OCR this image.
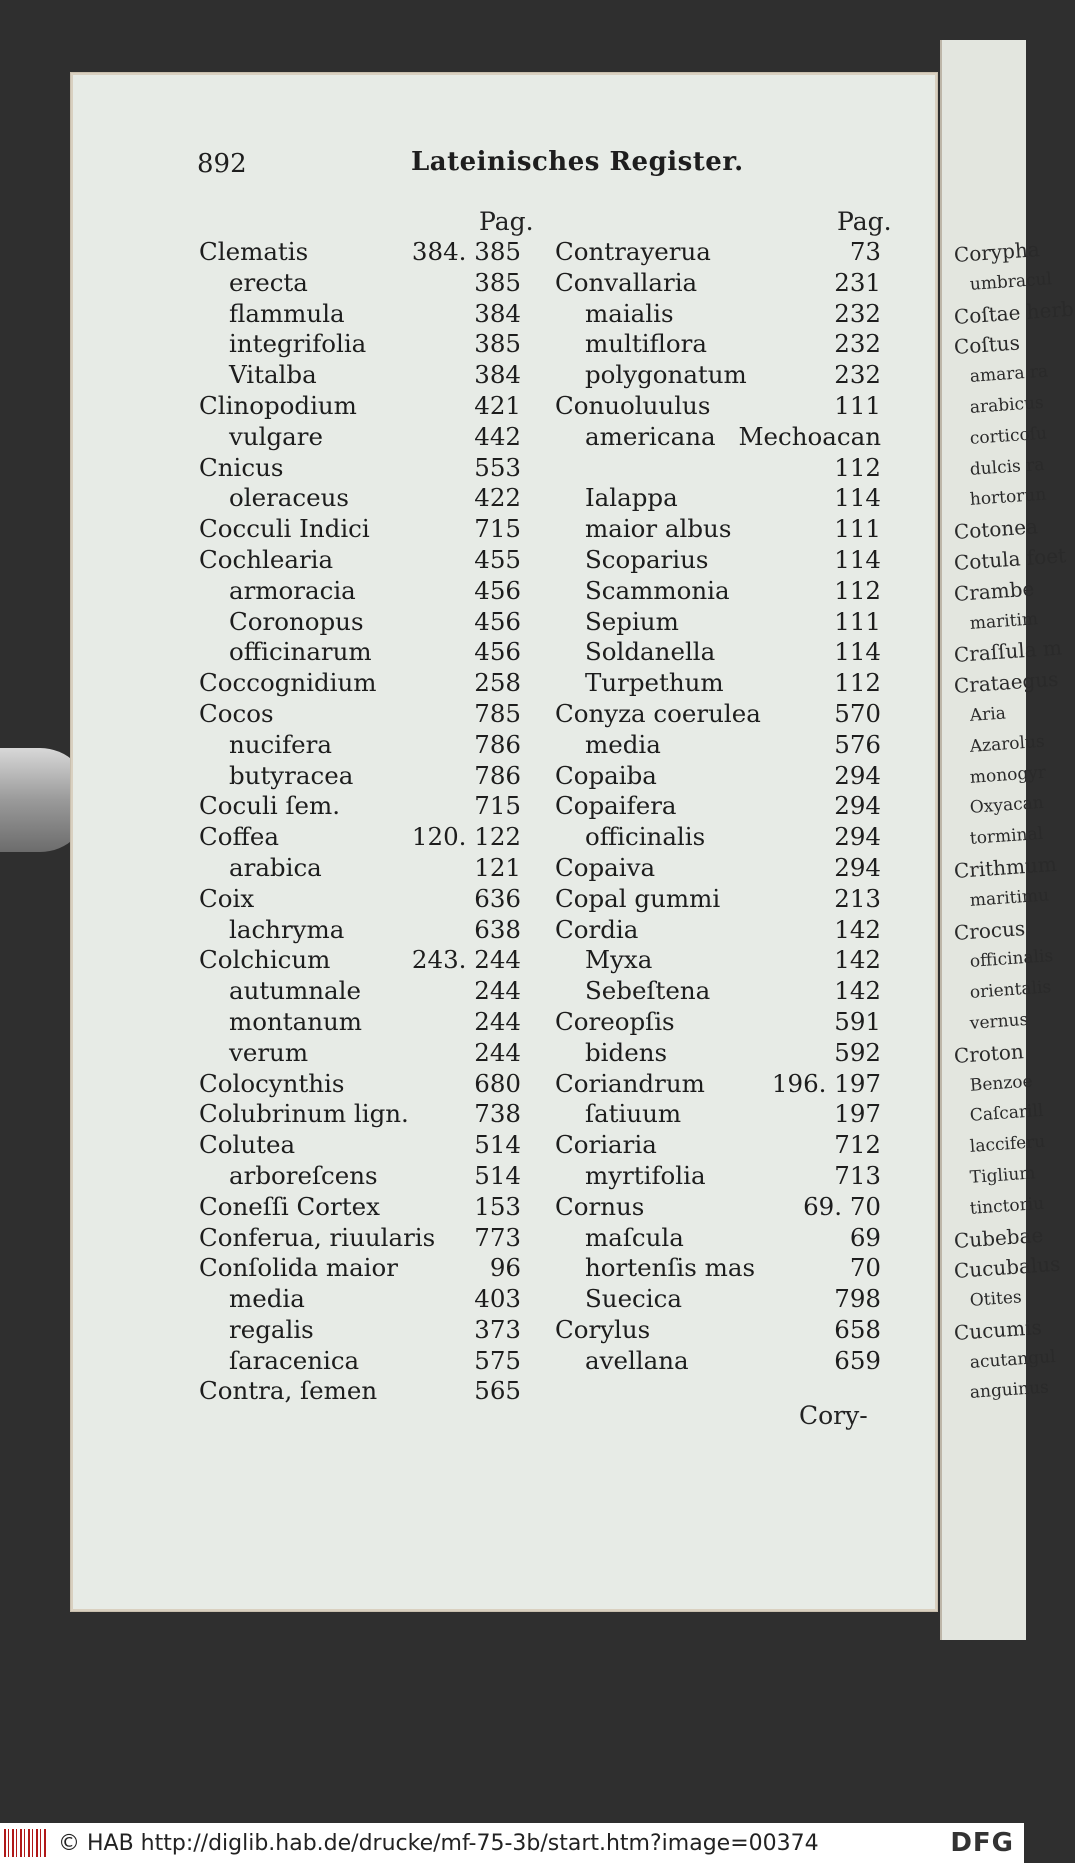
892	Lateinisches Register.
Pag.	Pag.
Clematis	384. 385
erecta	385
flammula	384
integrifolia	385
Vitalba	384
Clinopodium	421
vulgare	442
Cnicus	553
oleraceus	422
Cocculi Indici	715
Cochlearia	455
armoracia	456
Coronopus	456
officinarum	456
Coccognidium	258
Cocos	785
nucifera	786
butyracea	786
Coculi ſem.	715
Coffea	120. 122
arabica	121
Coix	636
lachryma	638
Colchicum	243. 244
autumnale	244
montanum	244
verum	244
Colocynthis	680
Colubrinum lign.	738
Colutea	514
arboreſcens	514
Coneſſi Cortex	153
Conferua, riuularis 773
Conſolida maior	96
media	403
regalis	373
ſaracenica	575
Contra, ſemen	565
Contrayerua	73
Convallaria	231
maialis	232
multiflora	232
polygonatum	232
Conuoluulus	111
americana Mechoacan
112
Ialappa	114
maior albus	111
Scoparius	114
Scammonia	112
Sepium	111
Soldanella	114
Turpethum	112
Conyza coerulea	570
media	576
Copaiba	294
Copaifera	294
officinalis	294
Copaiva	294
Copal gummi	213
Cordia	142
Myxa	142
Sebeſtena	142
Coreopſis	591
bidens	592
Coriandrum	196. 197
ſatiuum	197
Coriaria	712
myrtifolia	713
Cornus	69. 70
maſcula	69
hortenſis mas	70
Suecica	798
Corylus	658
avellana	659
Cory-
Corypha
umbracul
Coſtae herb
Coſtus
amara ra
arabicus
corticoſu
dulcis ra
hortorun
Cotonea
Cotula foet
Crambe
maritim
Craſſula m
Crataegus
Aria
Azarolus
monogyr
Oxyacan
torminal
Crithmum
maritimu
Crocus
officinalis
orientalis
vernus
Croton
Benzoe
Caſcarill
lacciferu
Tiglium
tinctoriu
Cubebae
Cucubalus
Otites
Cucumis
acutangul
anguinus
© HAB http://diglib.hab.de/drucke/mf-75-3b/start.htm?image=00374	DFG
